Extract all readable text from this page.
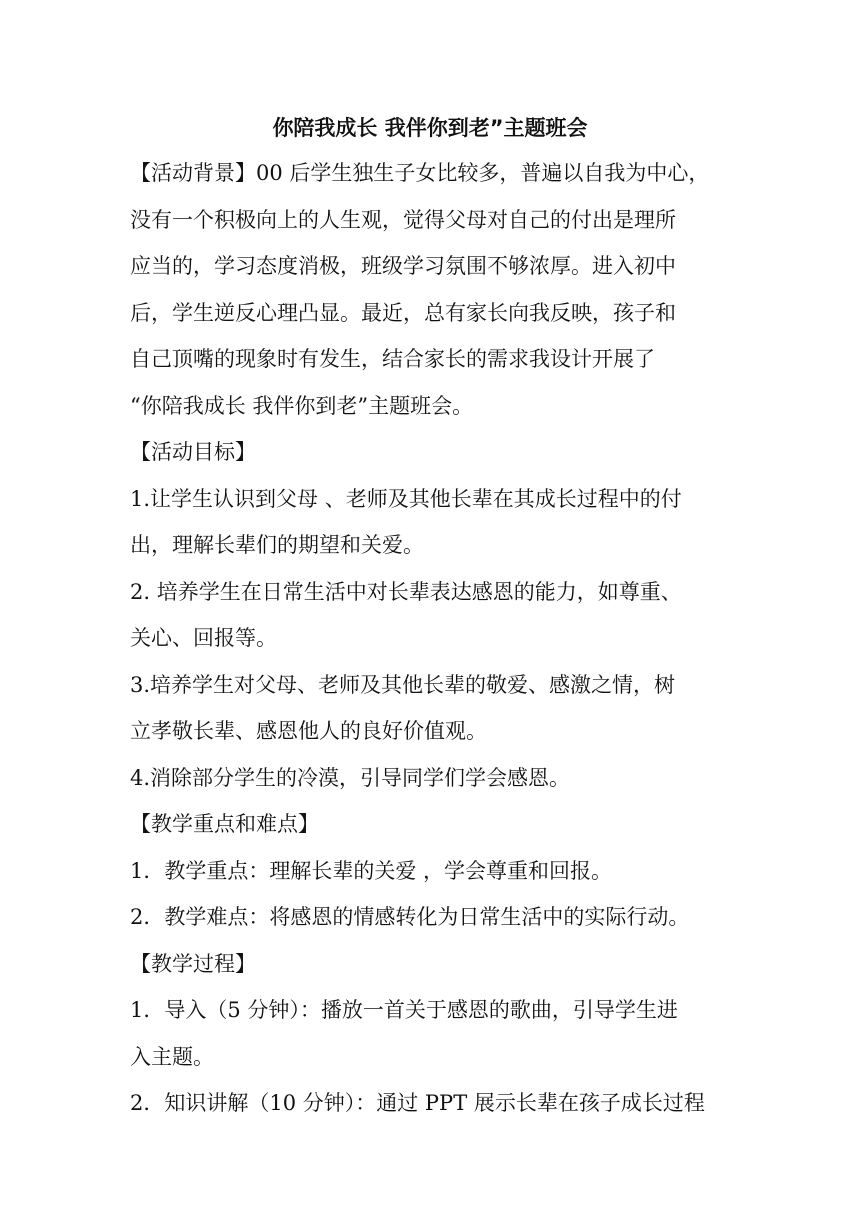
你陪我成长 我伴你到老”主题班会

【活动背景】00 后学生独生子女比较多，普遍以自我为中心，

没有一个积极向上的人生观，觉得父母对自己的付出是理所

应当的，学习态度消极，班级学习氛围不够浓厚。进入初中

后，学生逆反心理凸显。最近，总有家长向我反映，孩子和

自己顶嘴的现象时有发生，结合家长的需求我设计开展了

“你陪我成长 我伴你到老”主题班会。

【活动目标】

1.让学生认识到父母 、老师及其他长辈在其成长过程中的付

出，理解长辈们的期望和关爱。

2. 培养学生在日常生活中对长辈表达感恩的能力，如尊重、

关心、回报等。

3.培养学生对父母、老师及其他长辈的敬爱、感激之情，树

立孝敬长辈、感恩他人的良好价值观。

4.消除部分学生的冷漠，引导同学们学会感恩。

【教学重点和难点】

1．教学重点：理解长辈的关爱 ，学会尊重和回报。

2．教学难点：将感恩的情感转化为日常生活中的实际行动。

【教学过程】

1．导入（5 分钟）：播放一首关于感恩的歌曲，引导学生进

入主题。

2．知识讲解（10 分钟）：通过 PPT 展示长辈在孩子成长过程
